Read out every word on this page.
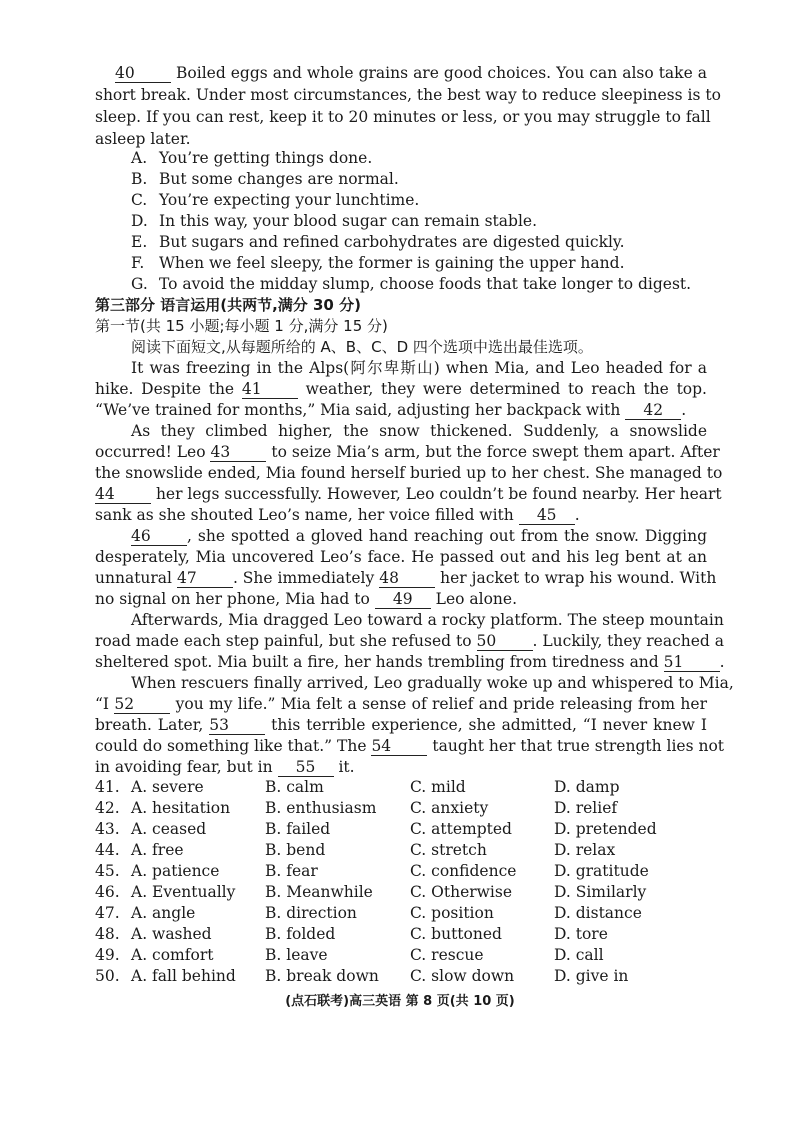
40	Boiled eggs and whole grains are good choices. You can also take a
short break. Under most circumstances, the best way to reduce sleepiness is to
sleep. If you can rest, keep it to 20 minutes or less, or you may struggle to fall
asleep later.
A. You’re getting things done.
B. But some changes are normal.
C. You’re expecting your lunchtime.
D. In this way, your blood sugar can remain stable.
E. But sugars and refined carbohydrates are digested quickly.
F. When we feel sleepy, the former is gaining the upper hand.
G. To avoid the midday slump, choose foods that take longer to digest.
第三部分 语言运用(共两节,满分 30 分)
第一节(共 15 小题;每小题 1 分,满分 15 分)
阅读下面短文,从每题所给的 A、B、C、D 四个选项中选出最佳选项。
It was freezing in the Alps(阿尔卑斯山) when Mia, and Leo headed for a
hike. Despite the 41	weather, they were determined to reach the top.
“We’ve trained for months,” Mia said, adjusting her backpack with 42 .
As they climbed higher, the snow thickened. Suddenly, a snowslide
occurred! Leo 43	to seize Mia’s arm, but the force swept them apart. After
the snowslide ended, Mia found herself buried up to her chest. She managed to
44	her legs successfully. However, Leo couldn’t be found nearby. Her heart
sank as she shouted Leo’s name, her voice filled with 45 .
46 , she spotted a gloved hand reaching out from the snow. Digging
desperately, Mia uncovered Leo’s face. He passed out and his leg bent at an
unnatural 47 . She immediately 48	her jacket to wrap his wound. With
no signal on her phone, Mia had to 49 Leo alone.
Afterwards, Mia dragged Leo toward a rocky platform. The steep mountain
road made each step painful, but she refused to 50 . Luckily, they reached a
sheltered spot. Mia built a fire, her hands trembling from tiredness and 51 .
When rescuers finally arrived, Leo gradually woke up and whispered to Mia,
“I 52	you my life.” Mia felt a sense of relief and pride releasing from her
breath. Later, 53	this terrible experience, she admitted, “I never knew I
could do something like that.” The 54	taught her that true strength lies not
in avoiding fear, but in 55 it.
41. A. severe	B. calm	C. mild	D. damp
42. A. hesitation B. enthusiasm C. anxiety	D. relief
43. A. ceased	B. failed	C. attempted	D. pretended
44. A. free	B. bend	C. stretch	D. relax
45. A. patience	B. fear	C. confidence D. gratitude
46. A. Eventually B. Meanwhile C. Otherwise	D. Similarly
47. A. angle	B. direction	C. position	D. distance
48. A. washed	B. folded	C. buttoned	D. tore
49. A. comfort	B. leave	C. rescue	D. call
50. A. fall behind B. break down C. slow down	D. give in
(点石联考)高三英语 第 8 页(共 10 页)
